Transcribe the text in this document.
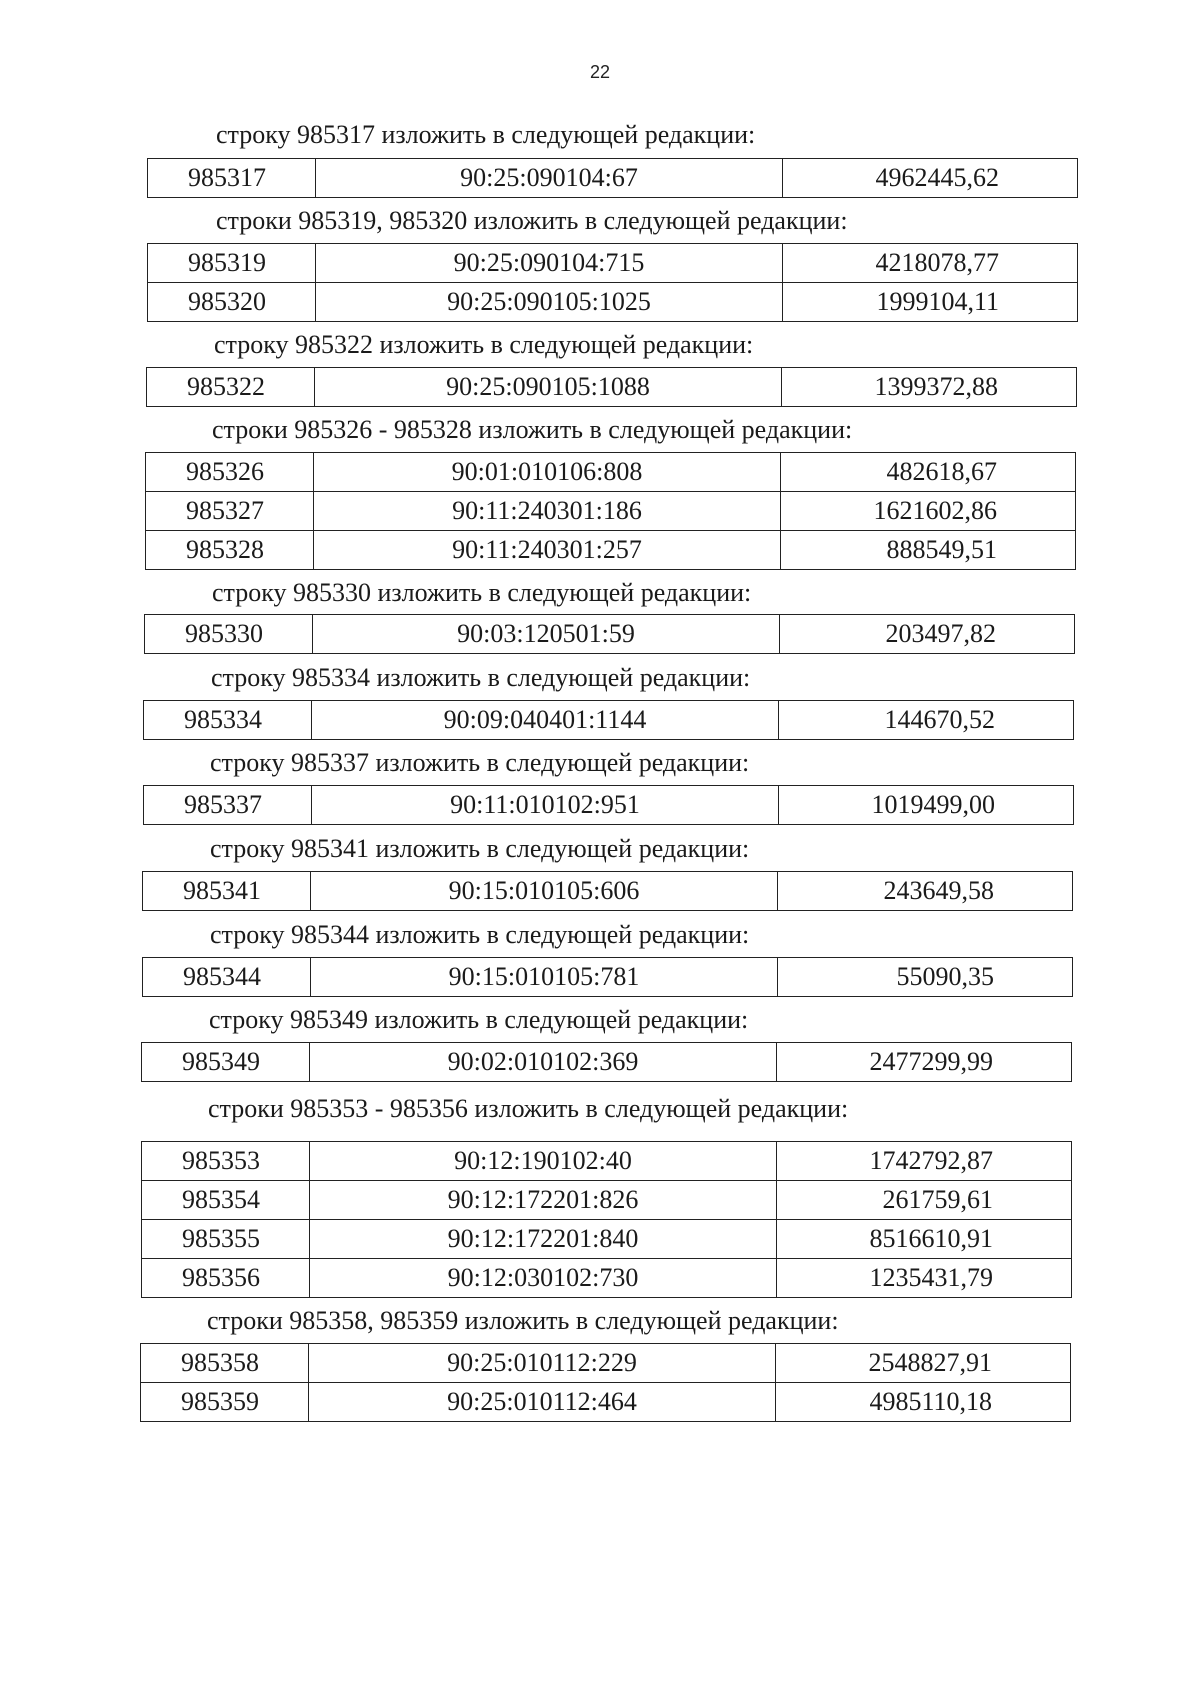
22
строку 985317 изложить в следующей редакции:
985317	90:25:090104:67	4962445,62
строки 985319, 985320 изложить в следующей редакции:
985319	90:25:090104:715	4218078,77
985320	90:25:090105:1025	1999104,11
строку 985322 изложить в следующей редакции:
985322	90:25:090105:1088	1399372,88
строки 985326 - 985328 изложить в следующей редакции:
985326	90:01:010106:808	482618,67
985327	90:11:240301:186	1621602,86
985328	90:11:240301:257	888549,51
строку 985330 изложить в следующей редакции:
985330	90:03:120501:59	203497,82
строку 985334 изложить в следующей редакции:
985334	90:09:040401:1144	144670,52
строку 985337 изложить в следующей редакции:
985337	90:11:010102:951	1019499,00
строку 985341 изложить в следующей редакции:
985341	90:15:010105:606	243649,58
строку 985344 изложить в следующей редакции:
985344	90:15:010105:781	55090,35
строку 985349 изложить в следующей редакции:
985349	90:02:010102:369	2477299,99
строки 985353 - 985356 изложить в следующей редакции:
985353	90:12:190102:40	1742792,87
985354	90:12:172201:826	261759,61
985355	90:12:172201:840	8516610,91
985356	90:12:030102:730	1235431,79
строки 985358, 985359 изложить в следующей редакции:
985358	90:25:010112:229	2548827,91
985359	90:25:010112:464	4985110,18
